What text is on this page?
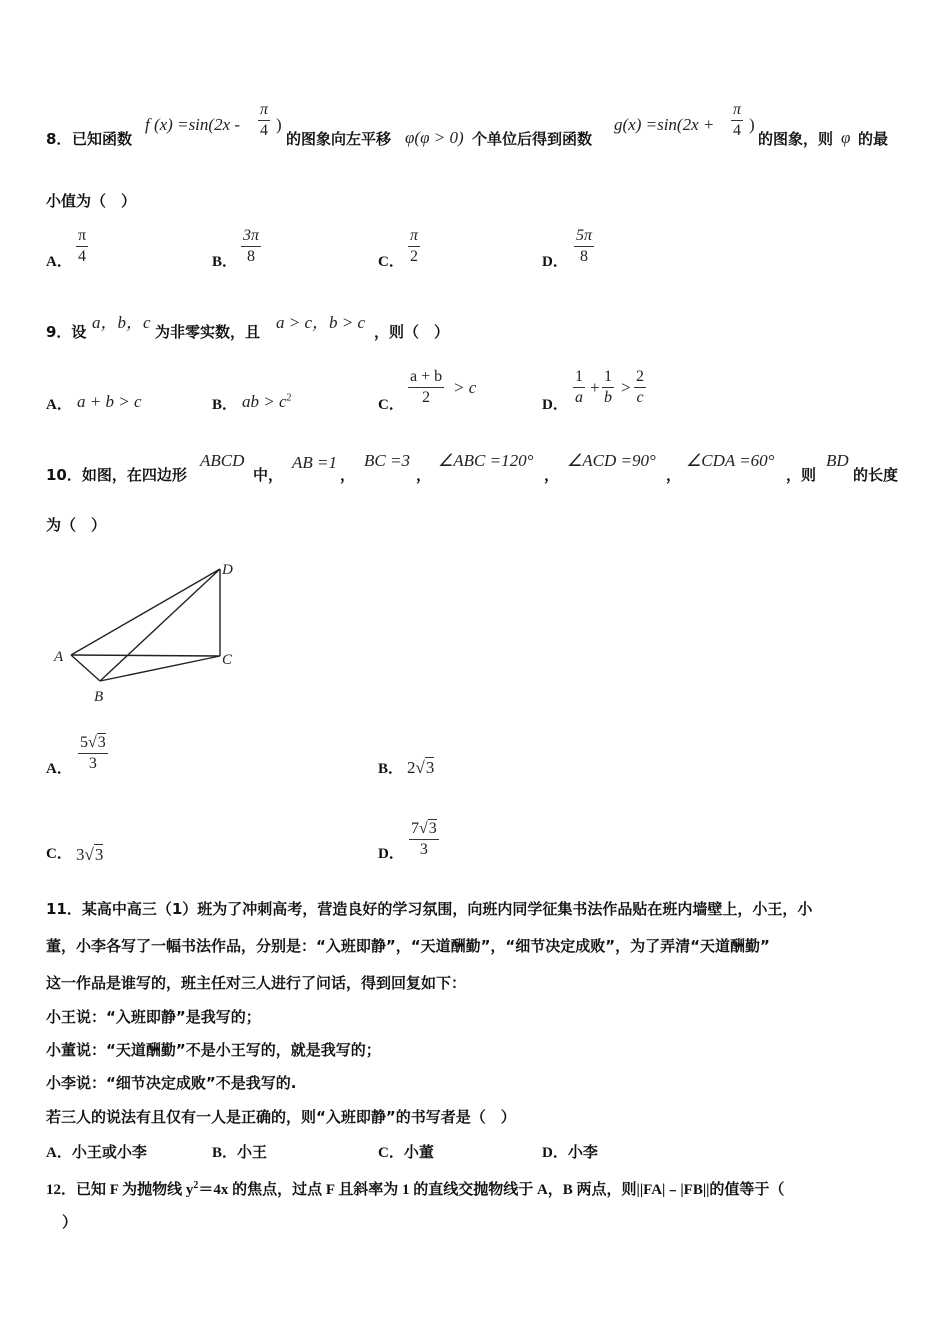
8． 已知函数
f $(x) =\sin(2x - \frac{\pi}{4}$ )
的图象向左平移 φ(φ > 0) 个单位后得到函数
$g(x) =\sin(2x + \frac{\pi}{4}$ )
的图象，则 φ 的最
小值为（　）
A． $\frac{\pi}{4}$	B． $\frac{3\pi}{8}$	C． $\frac{\pi}{2}$	D． $\frac{5\pi}{8}$
9．设 a，b，c 为非零实数，且 a > c，b > c ，则（　）
A． a + b > c	B． ab > $c^2$	C． $\frac{a + b}{2} > c$
D． $\frac{1}{a} + \frac{1}{b} > \frac{2}{c}$
10．如图，在四边形
ABCD
中，
AB =1
，
BC =3
，
∠ABC =120°
，
∠ACD =90°
，
∠CDA =60°
，则
BD
的长度
为（　）
A
B
C
D
A． $\frac{5√3}{3}$	B． 2√3
C． 3√3	D． $\frac{7√3}{3}$
11．某高中高三（1）班为了冲刺高考，营造良好的学习氛围，向班内同学征集书法作品贴在班内墙壁上，小王，小
董，小李各写了一幅书法作品，分别是：“入班即静”，“天道酬勤”，“细节决定成败”，为了弄清“天道酬勤”
这一作品是谁写的，班主任对三人进行了问话，得到回复如下：
小王说：“入班即静”是我写的；
小董说：“天道酬勤”不是小王写的，就是我写的；
小李说：“细节决定成败”不是我写的.
若三人的说法有且仅有一人是正确的，则“入班即静”的书写者是（　）
A．小王或小李	B．小王	C．小董	D．小李
12．已知 F 为抛物线 $y^2=4x$ 的焦点，过点 F 且斜率为 1 的直线交抛物线于 A，B 两点，则||FA|﹣|FB||的值等于（
）
